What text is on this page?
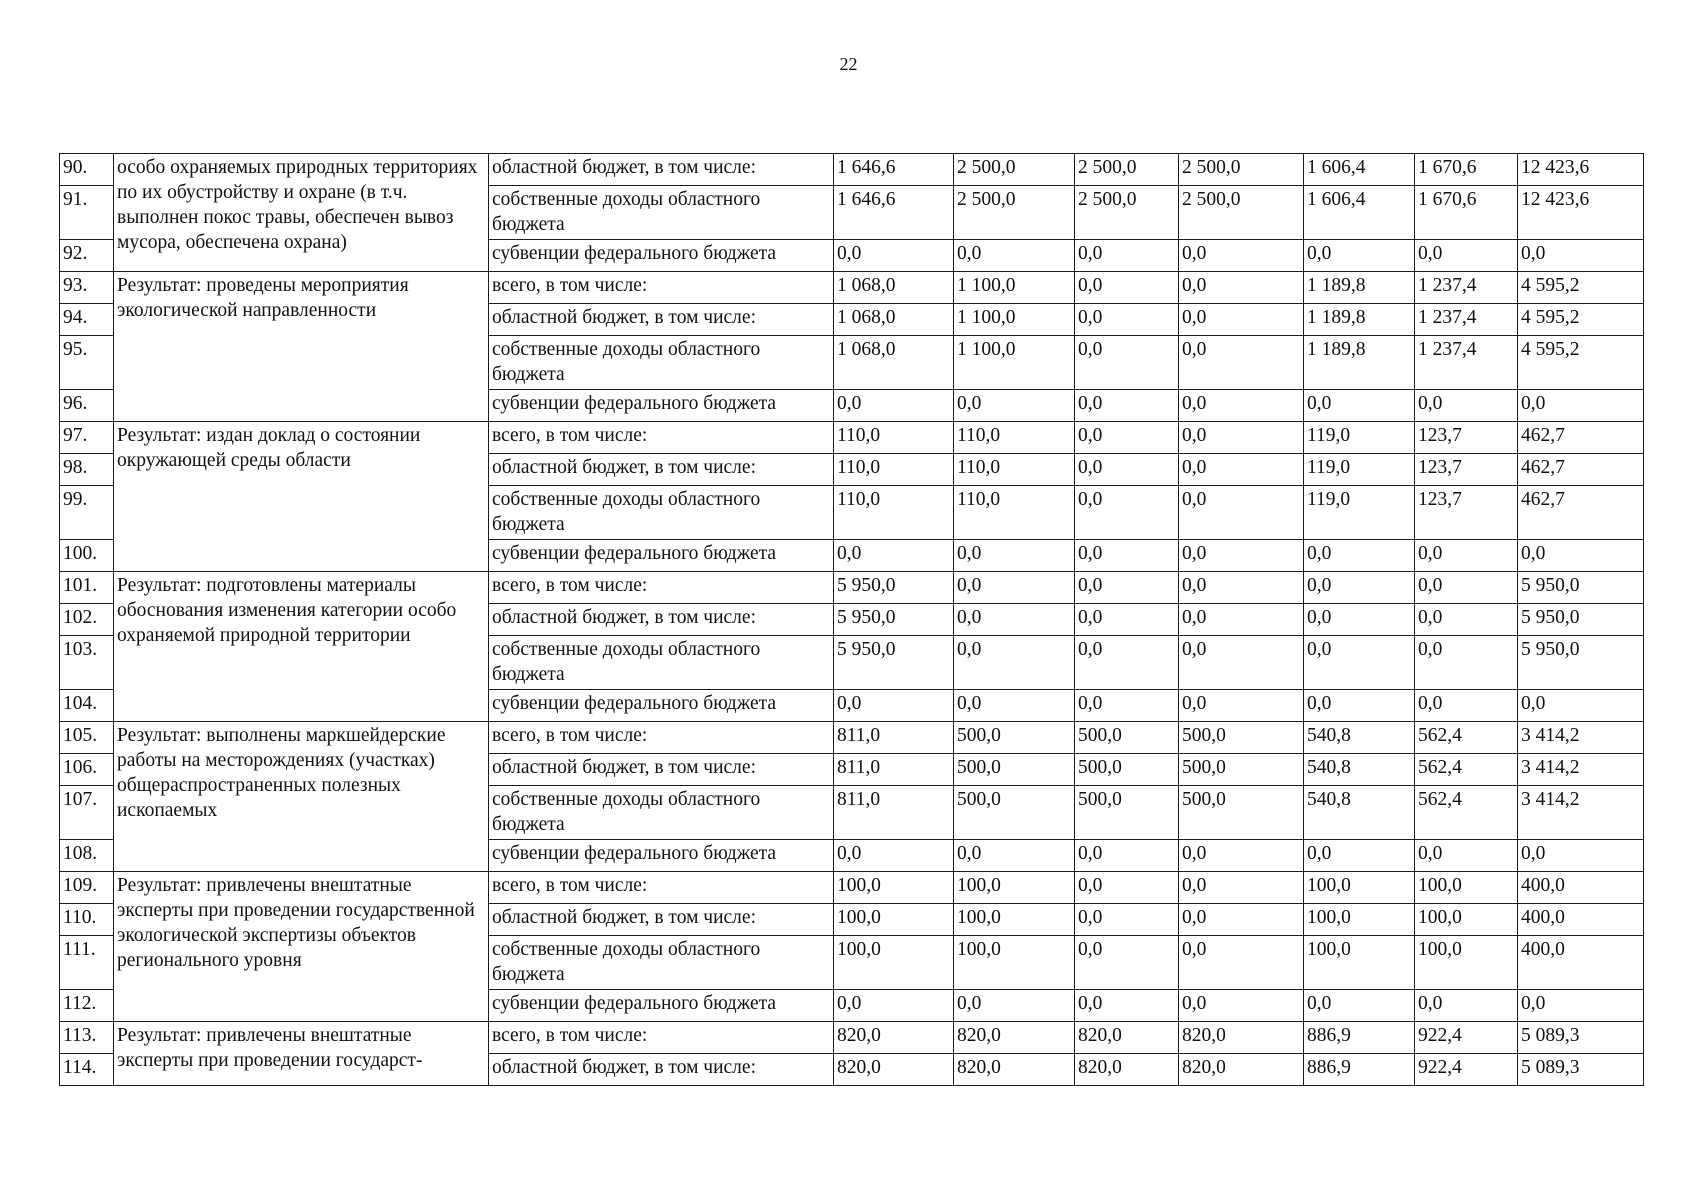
22
90.	особо охраняемых природных территориях по их обустройству и охране (в т.ч. выполнен покос травы, обеспечен вывоз мусора, обеспечена охрана)	областной бюджет, в том числе:	1 646,6	2 500,0	2 500,0	2 500,0	1 606,4	1 670,6	12 423,6
91.		собственные доходы областного бюджета	1 646,6	2 500,0	2 500,0	2 500,0	1 606,4	1 670,6	12 423,6
92.		субвенции федерального бюджета	0,0	0,0	0,0	0,0	0,0	0,0	0,0
93.	Результат: проведены мероприятия экологической направленности	всего, в том числе:	1 068,0	1 100,0	0,0	0,0	1 189,8	1 237,4	4 595,2
94.		областной бюджет, в том числе:	1 068,0	1 100,0	0,0	0,0	1 189,8	1 237,4	4 595,2
95.		собственные доходы областного бюджета	1 068,0	1 100,0	0,0	0,0	1 189,8	1 237,4	4 595,2
96.		субвенции федерального бюджета	0,0	0,0	0,0	0,0	0,0	0,0	0,0
97.	Результат: издан доклад о состоянии окружающей среды области	всего, в том числе:	110,0	110,0	0,0	0,0	119,0	123,7	462,7
98.		областной бюджет, в том числе:	110,0	110,0	0,0	0,0	119,0	123,7	462,7
99.		собственные доходы областного бюджета	110,0	110,0	0,0	0,0	119,0	123,7	462,7
100.		субвенции федерального бюджета	0,0	0,0	0,0	0,0	0,0	0,0	0,0
101.	Результат: подготовлены материалы обоснования изменения категории особо охраняемой природной территории	всего, в том числе:	5 950,0	0,0	0,0	0,0	0,0	0,0	5 950,0
102.		областной бюджет, в том числе:	5 950,0	0,0	0,0	0,0	0,0	0,0	5 950,0
103.		собственные доходы областного бюджета	5 950,0	0,0	0,0	0,0	0,0	0,0	5 950,0
104.		субвенции федерального бюджета	0,0	0,0	0,0	0,0	0,0	0,0	0,0
105.	Результат: выполнены маркшейдерские работы на месторождениях (участках) общераспространенных полезных ископаемых	всего, в том числе:	811,0	500,0	500,0	500,0	540,8	562,4	3 414,2
106.		областной бюджет, в том числе:	811,0	500,0	500,0	500,0	540,8	562,4	3 414,2
107.		собственные доходы областного бюджета	811,0	500,0	500,0	500,0	540,8	562,4	3 414,2
108.		субвенции федерального бюджета	0,0	0,0	0,0	0,0	0,0	0,0	0,0
109.	Результат: привлечены внештатные эксперты при проведении государственной экологической экспертизы объектов регионального уровня	всего, в том числе:	100,0	100,0	0,0	0,0	100,0	100,0	400,0
110.		областной бюджет, в том числе:	100,0	100,0	0,0	0,0	100,0	100,0	400,0
111.		собственные доходы областного бюджета	100,0	100,0	0,0	0,0	100,0	100,0	400,0
112.		субвенции федерального бюджета	0,0	0,0	0,0	0,0	0,0	0,0	0,0
113.	Результат: привлечены внештатные эксперты при проведении государст-	всего, в том числе:	820,0	820,0	820,0	820,0	886,9	922,4	5 089,3
114.		областной бюджет, в том числе:	820,0	820,0	820,0	820,0	886,9	922,4	5 089,3
